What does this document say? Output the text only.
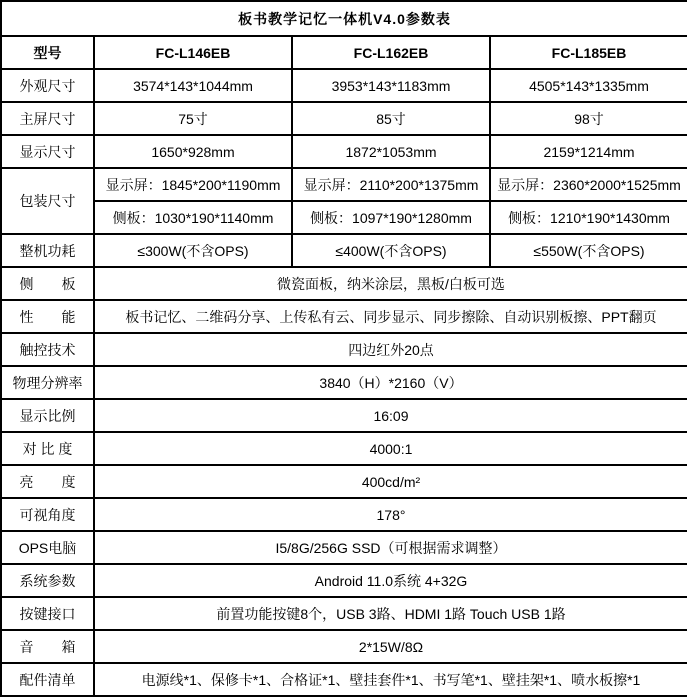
板书教学记忆一体机V4.0参数表			
型号	FC-L146EB	FC-L162EB	FC-L185EB
外观尺寸	3574*143*1044mm	3953*143*1183mm	4505*143*1335mm
主屏尺寸	75寸	85寸	98寸
显示尺寸	1650*928mm	1872*1053mm	2159*1214mm
包装尺寸	显示屏：1845*200*1190mm	显示屏：2110*200*1375mm	显示屏：2360*2000*1525mm
	侧板：1030*190*1140mm	侧板：1097*190*1280mm	侧板：1210*190*1430mm
整机功耗	≤300W(不含OPS)	≤400W(不含OPS)	≤550W(不含OPS)
侧　　板	微瓷面板，纳米涂层，黑板/白板可选		
性　　能	板书记忆、二维码分享、上传私有云、同步显示、同步擦除、自动识别板擦、PPT翻页		
触控技术	四边红外20点		
物理分辨率	3840（H）*2160（V）		
显示比例	16:09		
对 比 度	4000:1		
亮　　度	400cd/m²		
可视角度	178°		
OPS电脑	I5/8G/256G SSD（可根据需求调整）		
系统参数	Android 11.0系统 4+32G		
按键接口	前置功能按键8个，USB 3路、HDMI 1路 Touch USB 1路		
音　　箱	2*15W/8Ω		
配件清单	电源线*1、保修卡*1、合格证*1、壁挂套件*1、书写笔*1、壁挂架*1、喷水板擦*1		
